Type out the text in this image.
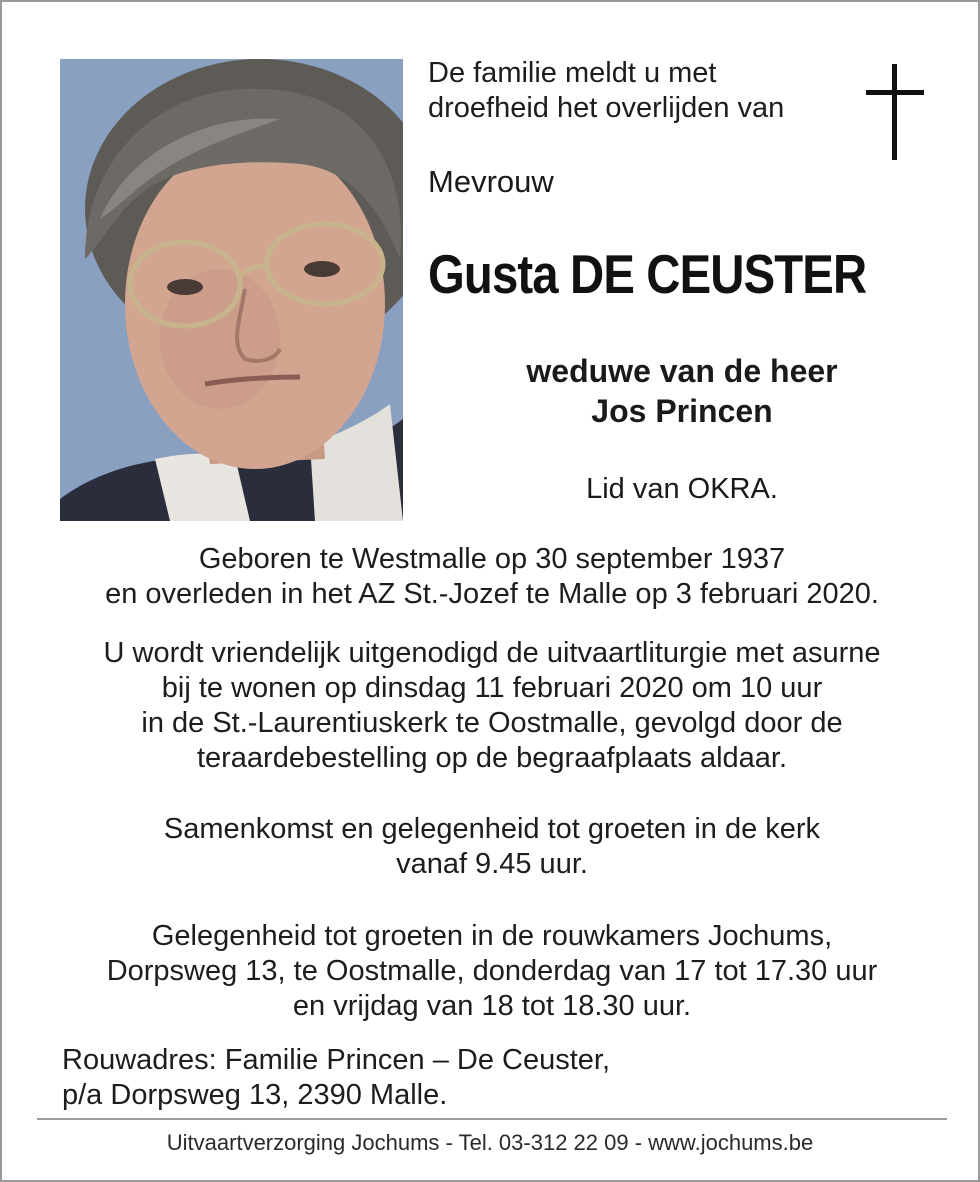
De familie meldt u met
droefheid het overlijden van
Mevrouw
Gusta DE CEUSTER
weduwe van de heer
Jos Princen
Lid van OKRA.
Geboren te Westmalle op 30 september 1937
en overleden in het AZ St.-Jozef te Malle op 3 februari 2020.
U wordt vriendelijk uitgenodigd de uitvaartliturgie met asurne
bij te wonen op dinsdag 11 februari 2020 om 10 uur
in de St.-Laurentiuskerk te Oostmalle, gevolgd door de
teraardebestelling op de begraafplaats aldaar.
Samenkomst en gelegenheid tot groeten in de kerk
vanaf 9.45 uur.
Gelegenheid tot groeten in de rouwkamers Jochums,
Dorpsweg 13, te Oostmalle, donderdag van 17 tot 17.30 uur
en vrijdag van 18 tot 18.30 uur.
Rouwadres: Familie Princen – De Ceuster,
p/a Dorpsweg 13, 2390 Malle.
Uitvaartverzorging Jochums - Tel. 03-312 22 09 - www.jochums.be
